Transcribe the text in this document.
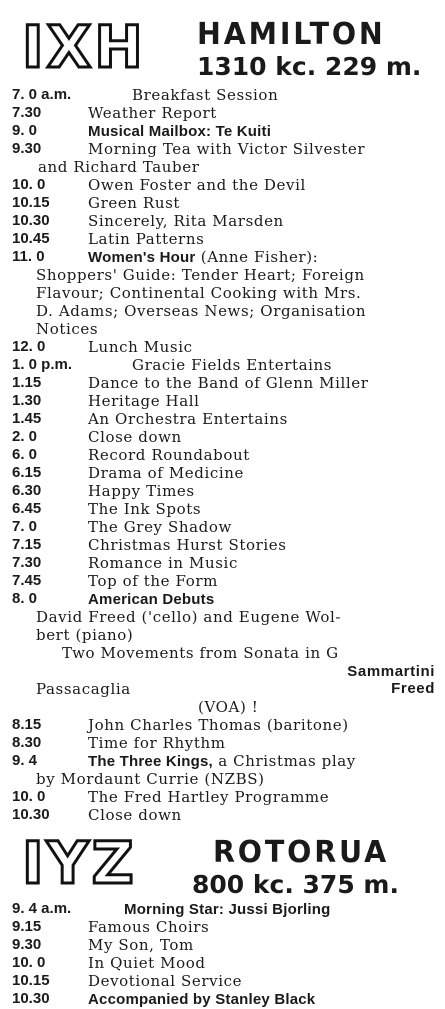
IXH HAMILTON
1310 kc. 229 m.
7. 0 a.m.	Breakfast Session
7.30	Weather Report
9. 0	Musical Mailbox: Te Kuiti
9.30	Morning Tea with Victor Silvester
and Richard Tauber
10. 0	Owen Foster and the Devil
10.15	Green Rust
10.30	Sincerely, Rita Marsden
10.45	Latin Patterns
11. 0	Women's Hour (Anne Fisher):
Shoppers' Guide: Tender Heart; Foreign
Flavour; Continental Cooking with Mrs.
D. Adams; Overseas News; Organisation
Notices
12. 0	Lunch Music
1. 0 p.m.	Gracie Fields Entertains
1.15	Dance to the Band of Glenn Miller
1.30	Heritage Hall
1.45	An Orchestra Entertains
2. 0	Close down
6. 0	Record Roundabout
6.15	Drama of Medicine
6.30	Happy Times
6.45	The Ink Spots
7. 0	The Grey Shadow
7.15	Christmas Hurst Stories
7.30	Romance in Music
7.45	Top of the Form
8. 0	American Debuts
David Freed ('cello) and Eugene Wol-
bert (piano)
Two Movements from Sonata in G
Sammartini
Passacaglia	Freed
(VOA) !
8.15	John Charles Thomas (baritone)
8.30	Time for Rhythm
9. 4	The Three Kings, a Christmas play
by Mordaunt Currie (NZBS)
10. 0	The Fred Hartley Programme
10.30	Close down
IYZ	ROTORUA
800 kc. 375 m.
9. 4 a.m.	Morning Star: Jussi Bjorling
9.15	Famous Choirs
9.30	My Son, Tom
10. 0	In Quiet Mood
10.15	Devotional Service
10.30	Accompanied by Stanley Black
